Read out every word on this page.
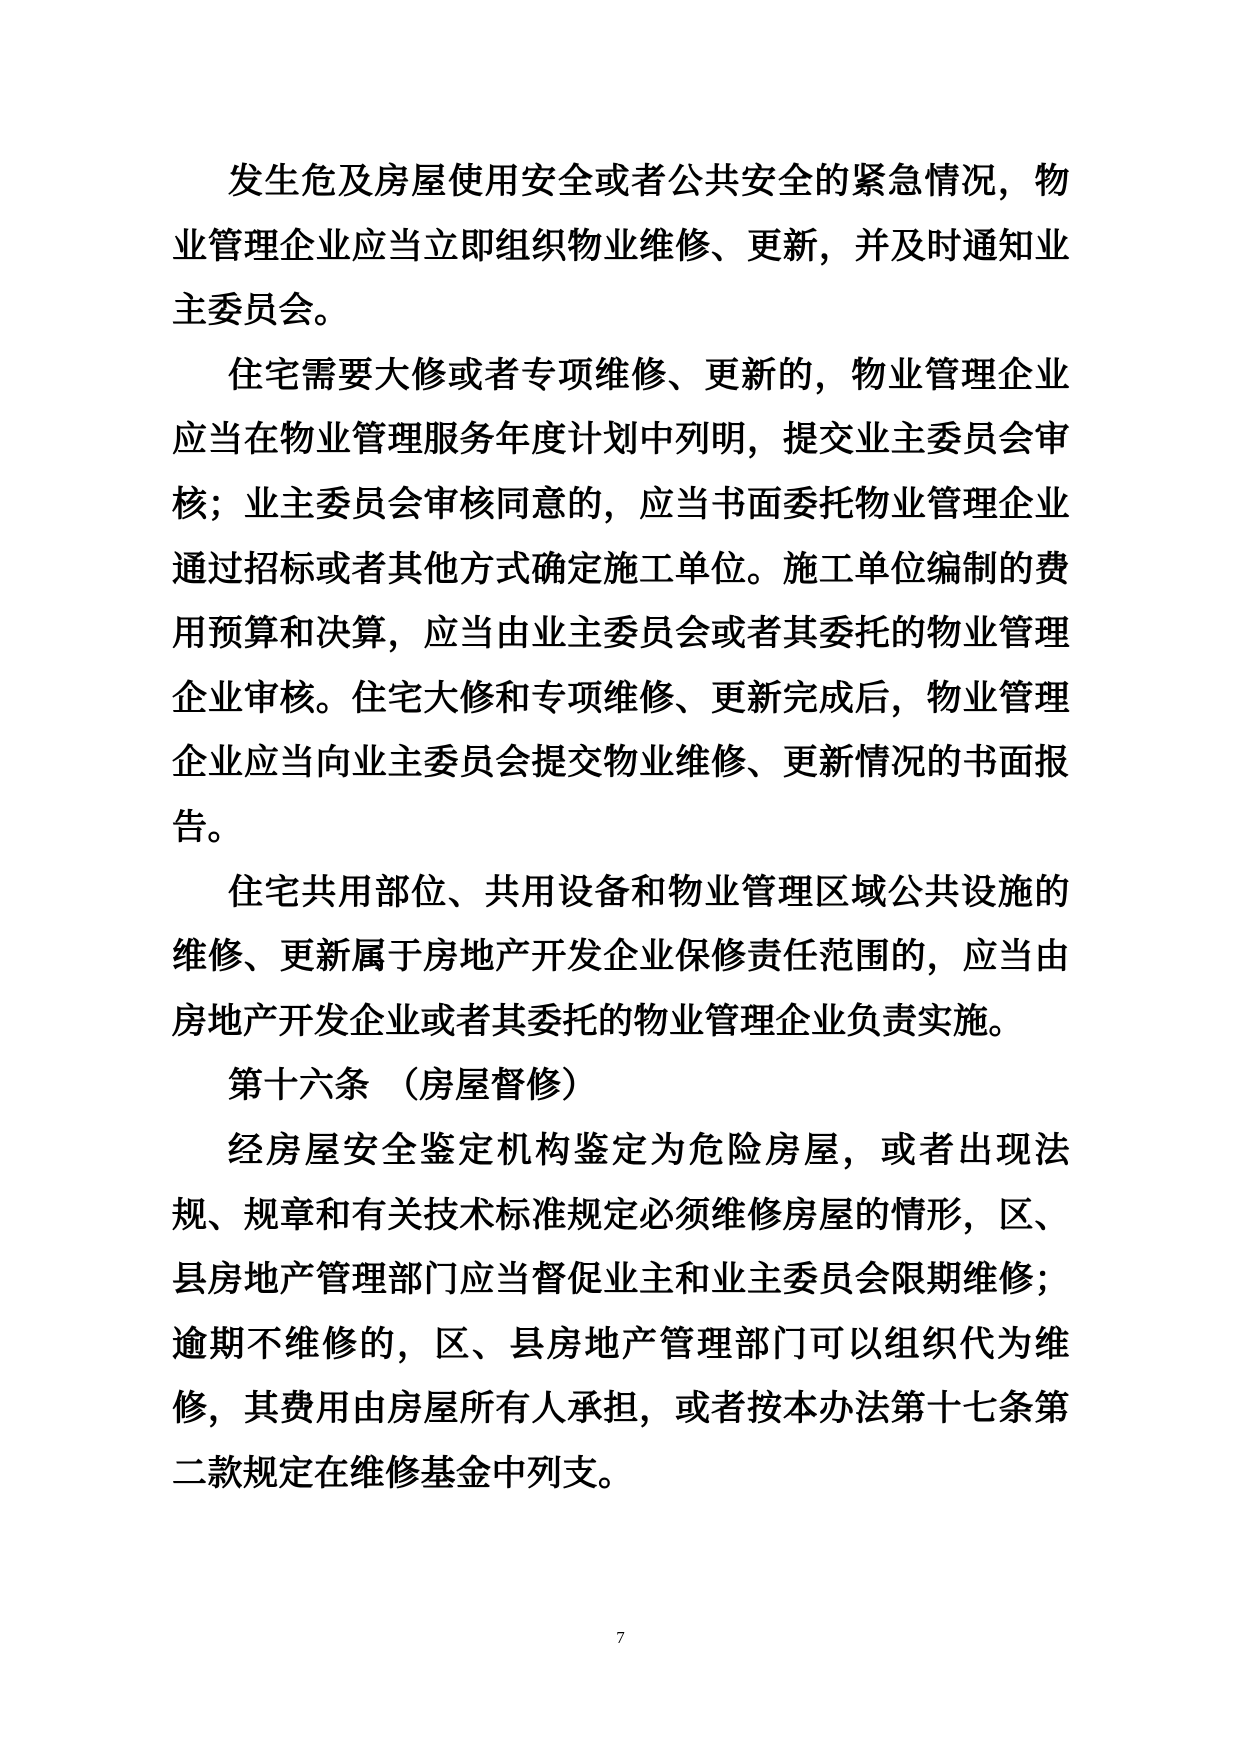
发生危及房屋使用安全或者公共安全的紧急情况，物业管理企业应当立即组织物业维修、更新，并及时通知业主委员会。

住宅需要大修或者专项维修、更新的，物业管理企业应当在物业管理服务年度计划中列明，提交业主委员会审核；业主委员会审核同意的，应当书面委托物业管理企业通过招标或者其他方式确定施工单位。施工单位编制的费用预算和决算，应当由业主委员会或者其委托的物业管理企业审核。住宅大修和专项维修、更新完成后，物业管理企业应当向业主委员会提交物业维修、更新情况的书面报告。

住宅共用部位、共用设备和物业管理区域公共设施的维修、更新属于房地产开发企业保修责任范围的，应当由房地产开发企业或者其委托的物业管理企业负责实施。

第十六条 （房屋督修）

经房屋安全鉴定机构鉴定为危险房屋，或者出现法规、规章和有关技术标准规定必须维修房屋的情形，区、县房地产管理部门应当督促业主和业主委员会限期维修；逾期不维修的，区、县房地产管理部门可以组织代为维修，其费用由房屋所有人承担，或者按本办法第十七条第二款规定在维修基金中列支。

7
